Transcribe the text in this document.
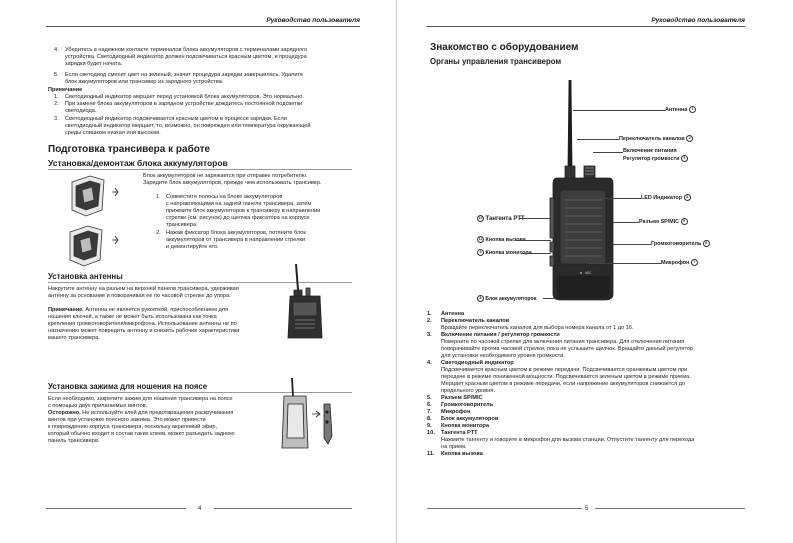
Руководство пользователя
4. Убедитесь в надежном контакте терминалов блока аккумуляторов с терминалами зарядного
устройства. Светодиодный индикатор должен подсвечиваться красным цветом, и процедура
зарядки будет начата.
5. Если светодиод сменит цвет на зеленый, значит процедура зарядки завершилась. Удалите
блок аккумуляторов или трансивер из зарядного устройства.
Примечание
1. Светодиодный индикатор мерцает перед установкой блока аккумуляторов. Это нормально.
2. При замене блока аккумуляторов в зарядном устройстве дождитесь постоянной подсветки
светодиода.
3. Светодиодный индикатор подсвечивается красным цветом в процессе зарядки. Если
светодиодный индикатор мерцает, то, возможно, он поврежден или температура окружающей
среды слишком низкая или высокая.
Подготовка трансивера к работе
Установка/демонтаж блока аккумуляторов
Блок аккумуляторов не заряжается при отправке потребителю.
Зарядите блок аккумуляторов, прежде чем использовать трансивер.
1. Совместите полосы на блоке аккумуляторов
с направляющими на задней панели трансивера, затем
прижмите блок аккумуляторов к трансиверу в направлении
стрелки (см. рисунок) до щелчка фиксатора на корпусе
трансивера.
2. Нажав фиксатор блока аккумуляторов, потяните блок
аккумуляторов от трансивера в направлении стрелки
и демонтируйте его.
Установка антенны
Накрутите антенну на разъем на верхней панели трансивера, удерживая
антенну за основание и поворачивая ее по часовой стрелке до упора.
Примечание. Антенна не является рукояткой, приспособлением для
ношения ключей, а также не может быть использована как точка
крепления громкоговорителя/микрофона. Использование антенны не по
назначению может повредить антенну и снизить рабочие характеристики
вашего трансивера.
Установка зажима для ношения на поясе
Если необходимо, закрепите зажим для ношения трансивера на поясе
с помощью двух прилагаемых винтов.
Осторожно. Не используйте клей для предотвращения раскручивания
винтов при установке поясного зажима. Это может привести
к повреждению корпуса трансивера, поскольку акриловый эфир,
который обычно входит в состав таких клеев, может разъедать заднюю
панель трансивера.
4
Руководство пользователя
Знакомство с оборудованием
Органы управления трансивером
MIC
Антенна 1
Переключатель каналов 2
Включение питания
Регулятор громкости 3
LED Индикатор 4
Разъем SP/MIC 5
Громкоговоритель 6
Микрофон 7
10 Тангента PTT
11 Кнопка вызова
9 Кнопка монитора
8 Блок аккумуляторов
1. Антенна
2. Переключатель каналов
Вращайте переключатель каналов для выбора номера канала от 1 до 16.
3. Включение питания / регулятор громкости
Поверните по часовой стрелке для включения питания трансивера. Для отключения питания
поворачивайте против часовой стрелки, пока не услышите щелчок. Вращайте данный регулятор
для установки необходимого уровня громкости.
4. Светодиодный индикатор
Подсвечивается красным цветом в режиме передачи. Подсвечивается оранжевым цветом при
передаче в режиме пониженной мощности. Подсвечивается зеленым цветом в режиме приема.
Мерцает красным цветом в режиме передачи, если напряжение аккумуляторов снижается до
предельного уровня.
5. Разъем SP/MIC
6. Громкоговоритель
7. Микрофон
8. Блок аккумуляторов
9. Кнопка монитора
10. Тангента PTT
Нажмите тангенту и говорите в микрофон для вызова станции. Отпустите тангенту для перехода
на прием.
11. Кнопка вызова
5
